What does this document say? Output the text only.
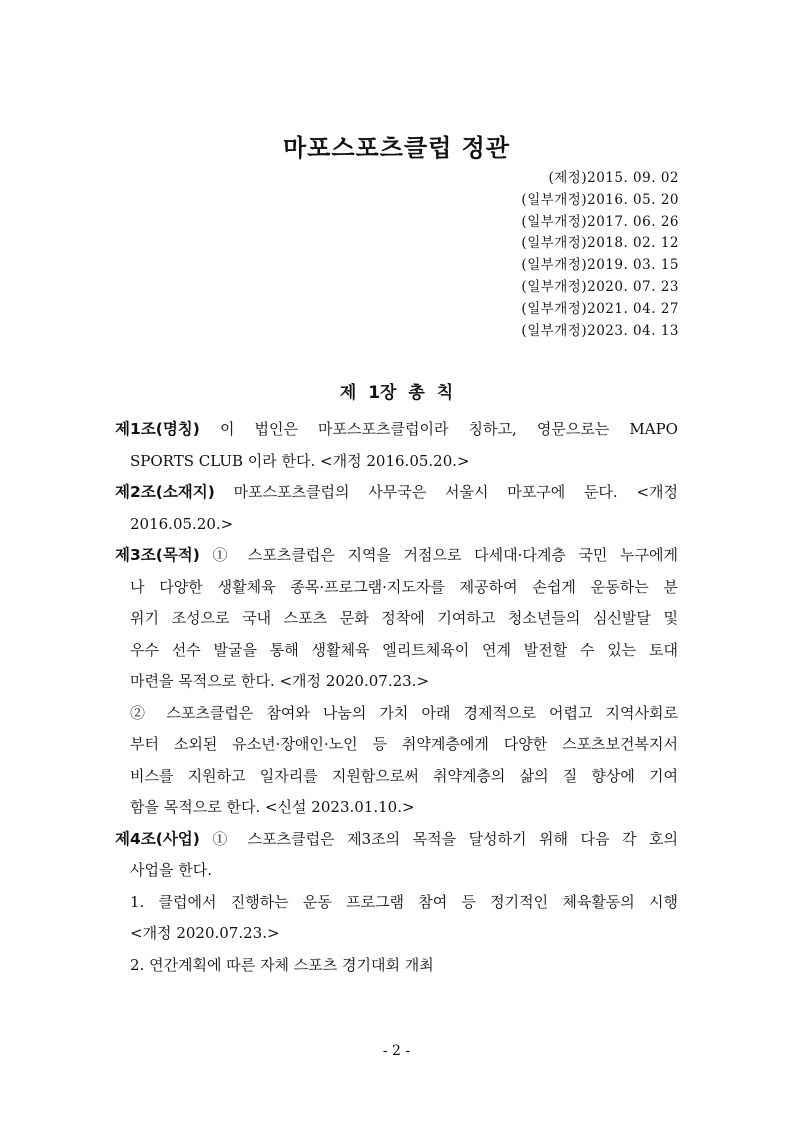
마포스포츠클럽 정관
(제정)2015. 09. 02
(일부개정)2016. 05. 20
(일부개정)2017. 06. 26
(일부개정)2018. 02. 12
(일부개정)2019. 03. 15
(일부개정)2020. 07. 23
(일부개정)2021. 04. 27
(일부개정)2023. 04. 13
제 1장 총 칙
제1조(명칭) 이 법인은 마포스포츠클럽이라 칭하고, 영문으로는 MAPO
SPORTS CLUB 이라 한다. <개정 2016.05.20.>
제2조(소재지) 마포스포츠클럽의 사무국은 서울시 마포구에 둔다. <개정
2016.05.20.>
제3조(목적) ① 스포츠클럽은 지역을 거점으로 다세대·다계층 국민 누구에게
나 다양한 생활체육 종목·프로그램·지도자를 제공하여 손쉽게 운동하는 분
위기 조성으로 국내 스포츠 문화 정착에 기여하고 청소년들의 심신발달 및
우수 선수 발굴을 통해 생활체육 엘리트체육이 연계 발전할 수 있는 토대
마련을 목적으로 한다. <개정 2020.07.23.>
② 스포츠클럽은 참여와 나눔의 가치 아래 경제적으로 어렵고 지역사회로
부터 소외된 유소년·장애인·노인 등 취약계층에게 다양한 스포츠보건복지서
비스를 지원하고 일자리를 지원함으로써 취약계층의 삶의 질 향상에 기여
함을 목적으로 한다. <신설 2023.01.10.>
제4조(사업) ① 스포츠클럽은 제3조의 목적을 달성하기 위해 다음 각 호의
사업을 한다.
1. 클럽에서 진행하는 운동 프로그램 참여 등 정기적인 체육활동의 시행
<개정 2020.07.23.>
2. 연간계획에 따른 자체 스포츠 경기대회 개최
- 2 -
